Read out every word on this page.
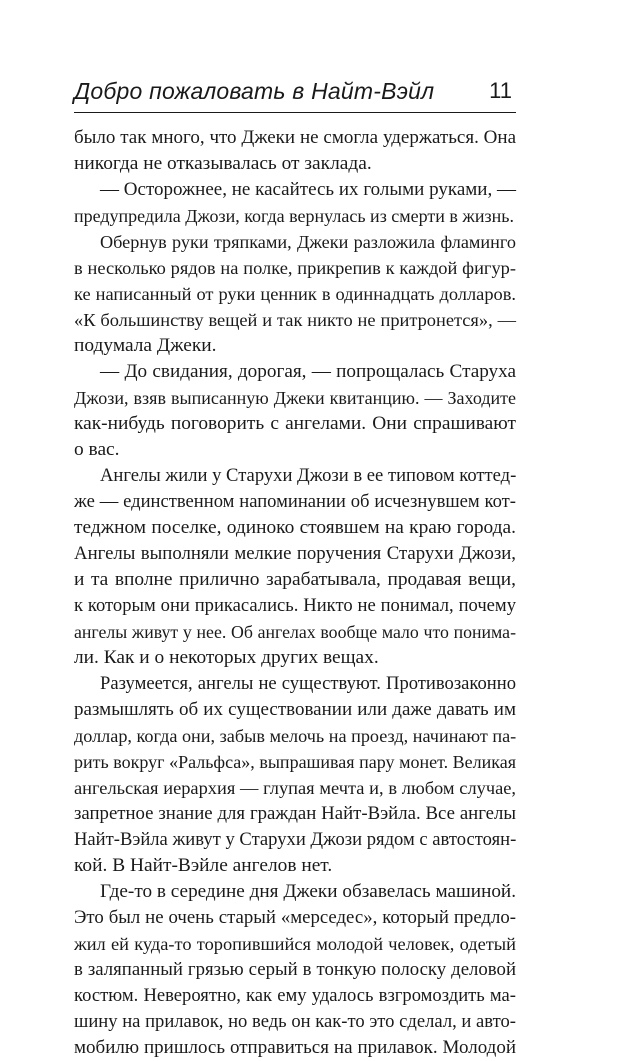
Добро пожаловать в Найт-Вэйл 11
было так много, что Джеки не смогла удержаться. Она
никогда не отказывалась от заклада.
— Осторожнее, не касайтесь их голыми руками, —
предупредила Джози, когда вернулась из смерти в жизнь.
Обернув руки тряпками, Джеки разложила фламинго
в несколько рядов на полке, прикрепив к каждой фигур-
ке написанный от руки ценник в одиннадцать долларов.
«К большинству вещей и так никто не притронется», —
подумала Джеки.
— До свидания, дорогая, — попрощалась Старуха
Джози, взяв выписанную Джеки квитанцию. — Заходите
как-нибудь поговорить с ангелами. Они спрашивают
о вас.
Ангелы жили у Старухи Джози в ее типовом коттед-
же — единственном напоминании об исчезнувшем кот-
теджном поселке, одиноко стоявшем на краю города.
Ангелы выполняли мелкие поручения Старухи Джози,
и та вполне прилично зарабатывала, продавая вещи,
к которым они прикасались. Никто не понимал, почему
ангелы живут у нее. Об ангелах вообще мало что понима-
ли. Как и о некоторых других вещах.
Разумеется, ангелы не существуют. Противозаконно
размышлять об их существовании или даже давать им
доллар, когда они, забыв мелочь на проезд, начинают па-
рить вокруг «Ральфса», выпрашивая пару монет. Великая
ангельская иерархия — глупая мечта и, в любом случае,
запретное знание для граждан Найт-Вэйла. Все ангелы
Найт-Вэйла живут у Старухи Джози рядом с автостоян-
кой. В Найт-Вэйле ангелов нет.
Где-то в середине дня Джеки обзавелась машиной.
Это был не очень старый «мерседес», который предло-
жил ей куда-то торопившийся молодой человек, одетый
в заляпанный грязью серый в тонкую полоску деловой
костюм. Невероятно, как ему удалось взгромоздить ма-
шину на прилавок, но ведь он как-то это сделал, и авто-
мобилю пришлось отправиться на прилавок. Молодой
